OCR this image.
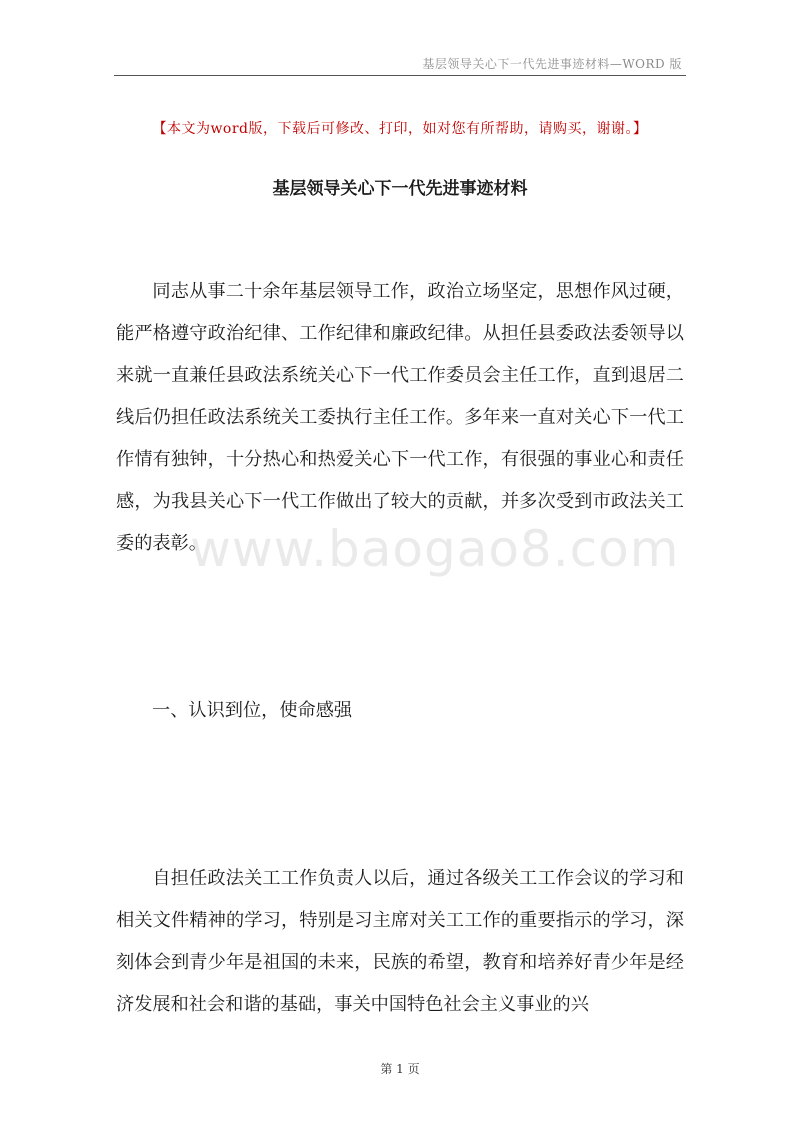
基层领导关心下一代先进事迹材料—WORD 版
【本文为word版，下载后可修改、打印，如对您有所帮助，请购买，谢谢。】
基层领导关心下一代先进事迹材料
同志从事二十余年基层领导工作，政治立场坚定，思想作风过硬，能严格遵守政治纪律、工作纪律和廉政纪律。从担任县委政法委领导以来就一直兼任县政法系统关心下一代工作委员会主任工作，直到退居二线后仍担任政法系统关工委执行主任工作。多年来一直对关心下一代工作情有独钟，十分热心和热爱关心下一代工作，有很强的事业心和责任感，为我县关心下一代工作做出了较大的贡献，并多次受到市政法关工委的表彰。
www.baogao8.com
一、认识到位，使命感强
自担任政法关工工作负责人以后，通过各级关工工作会议的学习和相关文件精神的学习，特别是习主席对关工工作的重要指示的学习，深刻体会到青少年是祖国的未来，民族的希望，教育和培养好青少年是经济发展和社会和谐的基础，事关中国特色社会主义事业的兴
第 1 页
